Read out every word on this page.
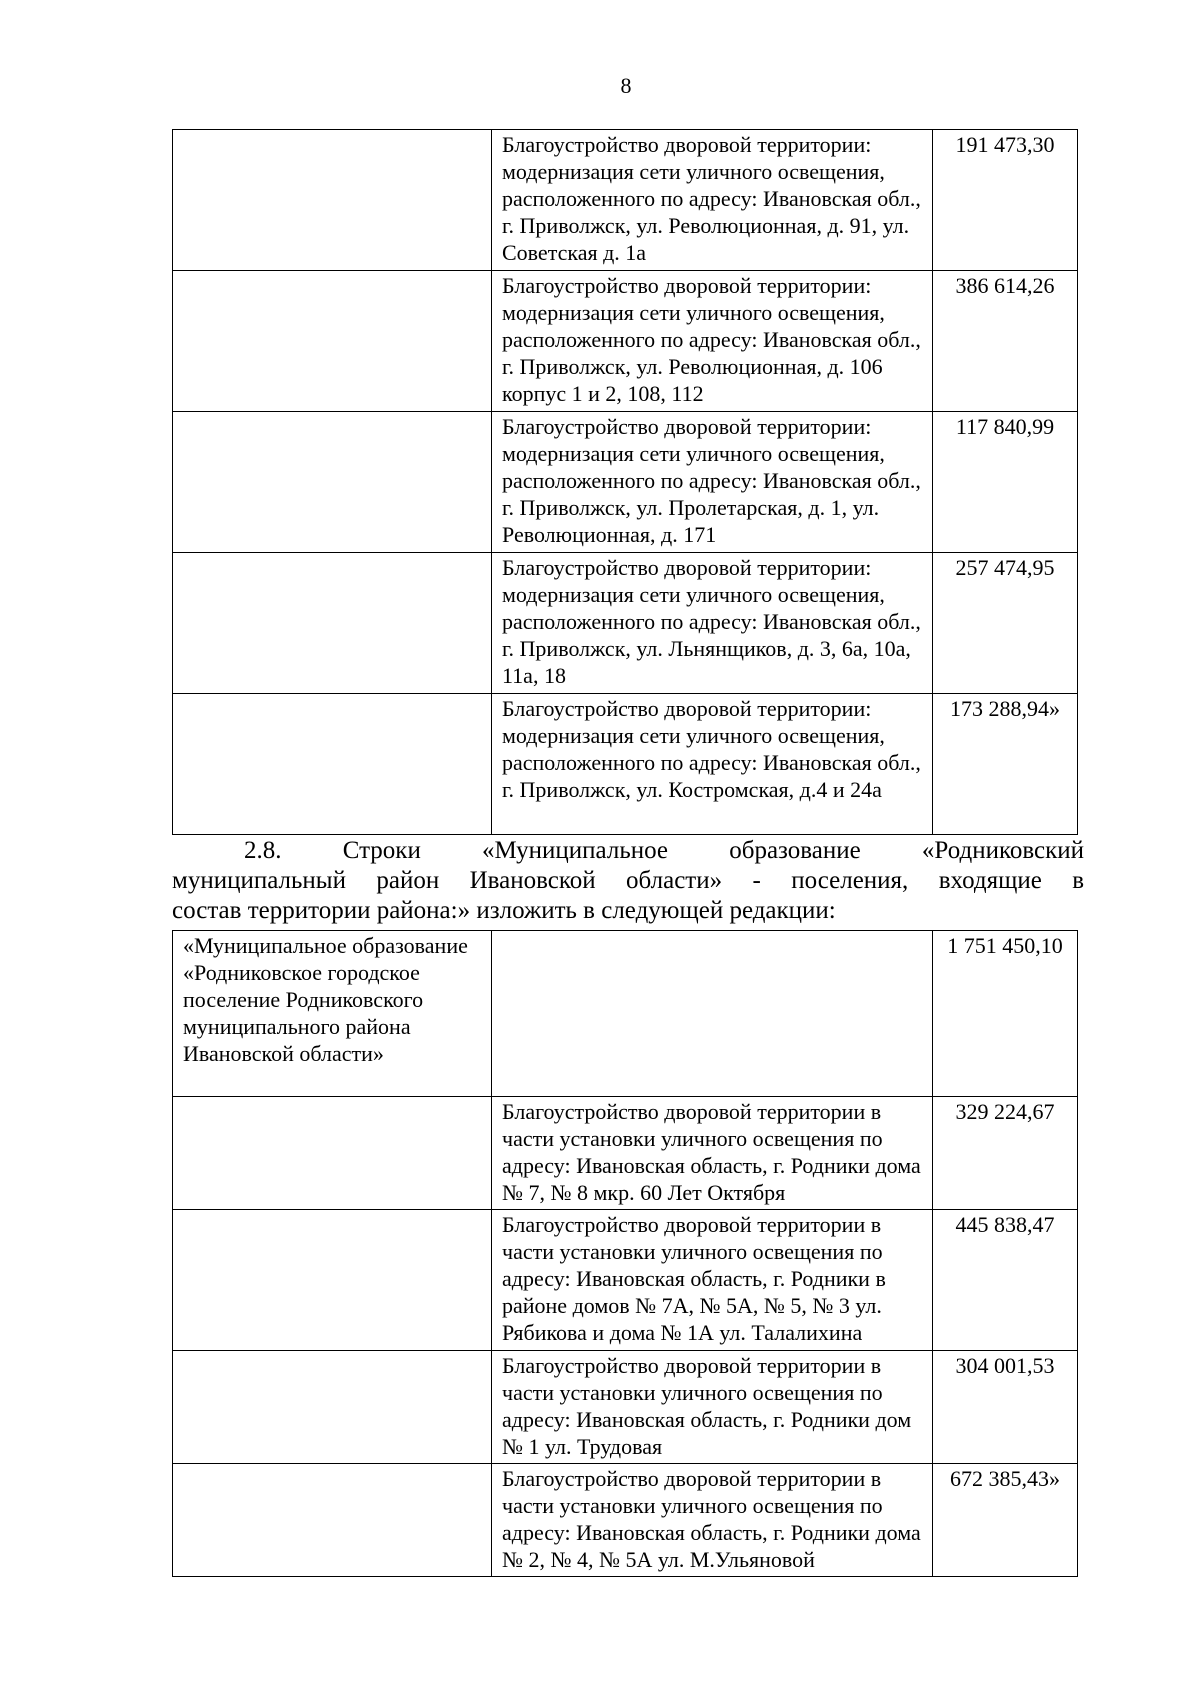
8
	Благоустройство дворовой территории: модернизация сети уличного освещения, расположенного по адресу: Ивановская обл., г. Приволжск, ул. Революционная, д. 91, ул. Советская д. 1а	191 473,30
	Благоустройство дворовой территории: модернизация сети уличного освещения, расположенного по адресу: Ивановская обл., г. Приволжск, ул. Революционная, д. 106 корпус 1 и 2, 108, 112	386 614,26
	Благоустройство дворовой территории: модернизация сети уличного освещения, расположенного по адресу: Ивановская обл., г. Приволжск, ул. Пролетарская, д. 1, ул. Революционная, д. 171	117 840,99
	Благоустройство дворовой территории: модернизация сети уличного освещения, расположенного по адресу: Ивановская обл., г. Приволжск, ул. Льнянщиков, д. 3, 6а, 10а, 11а, 18	257 474,95
	Благоустройство дворовой территории: модернизация сети уличного освещения, расположенного по адресу: Ивановская обл., г. Приволжск, ул. Костромская, д.4 и 24а	173 288,94»
2.8. Строки «Муниципальное образование «Родниковский
муниципальный район Ивановской области» - поселения, входящие в
состав территории района:» изложить в следующей редакции:
«Муниципальное образование «Родниковское городское поселение Родниковского муниципального района Ивановской области»		1 751 450,10
	Благоустройство дворовой территории в части установки уличного освещения по адресу: Ивановская область, г. Родники дома № 7, № 8 мкр. 60 Лет Октября	329 224,67
	Благоустройство дворовой территории в части установки уличного освещения по адресу: Ивановская область, г. Родники в районе домов № 7А, № 5А, № 5, № 3 ул. Рябикова и дома № 1А ул. Талалихина	445 838,47
	Благоустройство дворовой территории в части установки уличного освещения по адресу: Ивановская область, г. Родники дом № 1 ул. Трудовая	304 001,53
	Благоустройство дворовой территории в части установки уличного освещения по адресу: Ивановская область, г. Родники дома № 2, № 4, № 5А ул. М.Ульяновой	672 385,43»
